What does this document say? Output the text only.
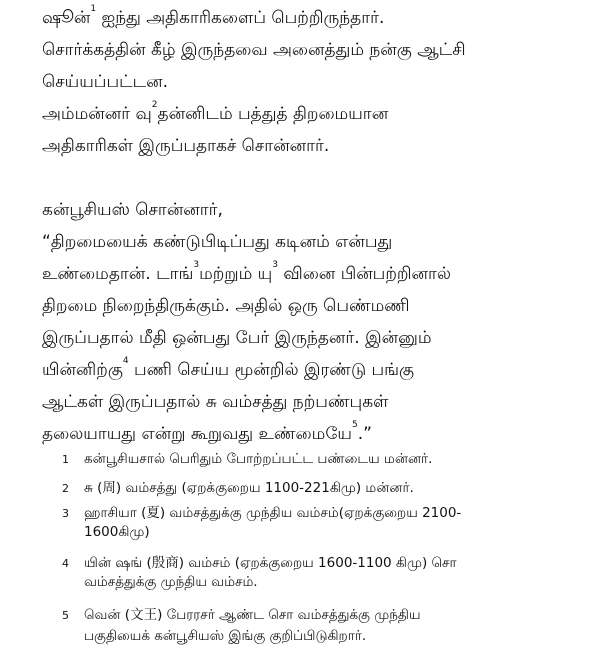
ஷூன்$^1$ ஐந்து அதிகாரிகளைப் பெற்றிருந்தார்.
சொர்க்கத்தின் கீழ் இருந்தவை அனைத்தும் நன்கு ஆட்சி
செய்யப்பட்டன.
அம்மன்னர் வு$^2$தன்னிடம் பத்துத் திறமையான
அதிகாரிகள் இருப்பதாகச் சொன்னார்.
கன்பூசியஸ் சொன்னார்,
“திறமையைக் கண்டுபிடிப்பது கடினம் என்பது
உண்மைதான். டாங்$^3$மற்றும் யு$^3$ வினை பின்பற்றினால்
திறமை நிறைந்திருக்கும். அதில் ஒரு பெண்மணி
இருப்பதால் மீதி ஒன்பது பேர் இருந்தனர். இன்னும்
யின்னிற்கு$^4$ பணி செய்ய மூன்றில் இரண்டு பங்கு
ஆட்கள் இருப்பதால் சு வம்சத்து நற்பண்புகள்
தலையாயது என்று கூறுவது உண்மையே$^5$.”
1 கன்பூசியசால் பெரிதும் போற்றப்பட்ட பண்டைய மன்னர்.
2 சு (周) வம்சத்து (ஏறக்குறைய 1100-221கிமு) மன்னர்.
3 ஹாசியா (夏) வம்சத்துக்கு முந்திய வம்சம்(ஏறக்குறைய 2100-
1600கிமு)
4 யின் ஷங் (殷商) வம்சம் (ஏறக்குறைய 1600-1100 கிமு) சொ
வம்சத்துக்கு முந்திய வம்சம்.
5 வென் (文王) பேரரசர் ஆண்ட சொ வம்சத்துக்கு முந்திய
பகுதியைக் கன்பூசியஸ் இங்கு குறிப்பிடுகிறார்.
